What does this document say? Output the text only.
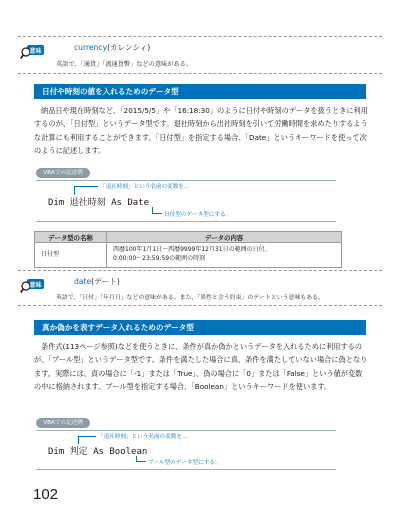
意味	currency(カレンシィ)
英語で、「通貨」「流通貨幣」などの意味がある。
日付や時刻の値を入れるためのデータ型
納品日や現在時刻など、「2015/5/5」や「16:18:30」のように日付や時刻のデータを扱うときに利用するのが、「日付型」というデータ型です。退社時刻から出社時刻を引いて労働時間を求めたりするような計算にも利用することができます。「日付型」を指定する場合、「Date」というキーワードを使って次のように記述します。
VBAでの記述例
Dim 退社時刻 As Date
「退社時刻」という名前の変数を…
日付型のデータ型にする。
データ型の名称	データの内容
日付型	西暦100年1月1日～西暦9999年12月31日の範囲の日付、
0:00:00～23:59:59の範囲の時刻
意味	date(デート)
英語で、「日付」「年月日」などの意味がある。また、「異性と会う約束」のデートという意味もある。
真か偽かを表すデータ入れるためのデータ型
条件式(113ページ参照)などを使うときに、条件が真か偽かというデータを入れるために利用するのが、「ブール型」というデータ型です。条件を満たした場合に真、条件を満たしていない場合に偽となります。実際には、真の場合に「-1」または「True」、偽の場合に「0」または「False」という値が変数の中に格納されます。ブール型を指定する場合、「Boolean」というキーワードを使います。
VBAでの記述例
Dim 判定 As Boolean
「退社時刻」という名前の変数を…
ブール型のデータ型にする。
102
